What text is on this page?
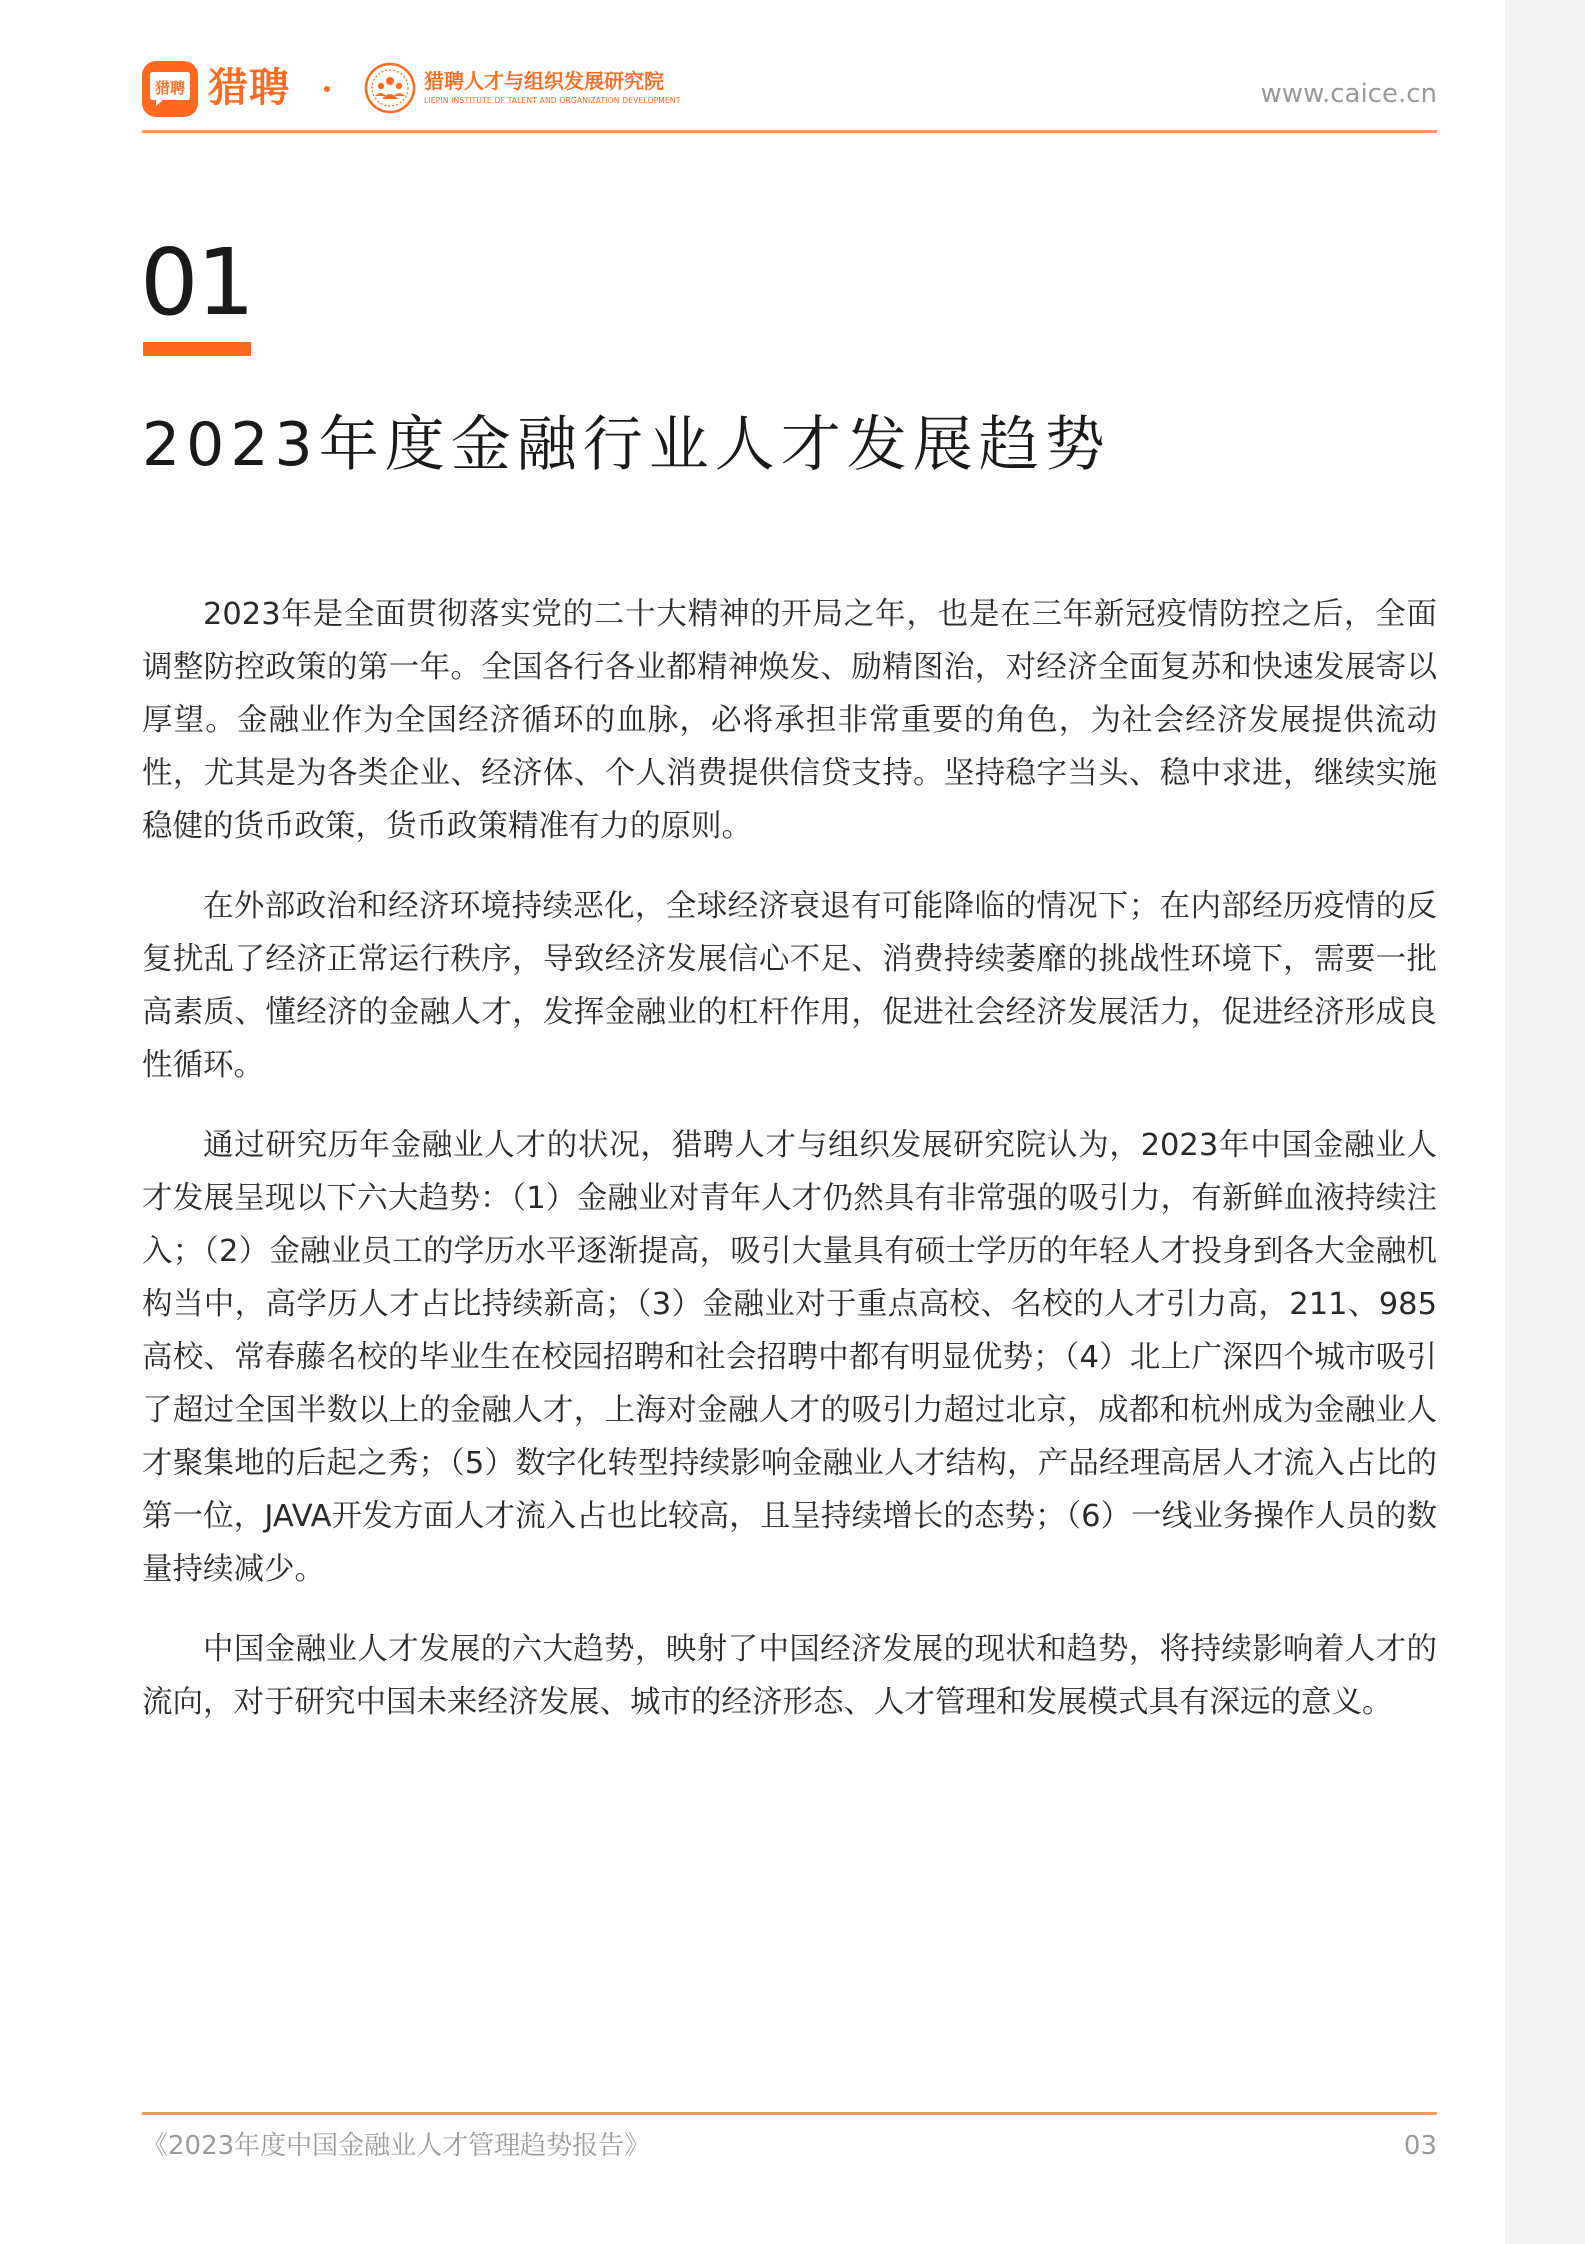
猎聘 猎聘	猎聘人才与组织发展研究院
LIEPIN INSTITUTE OF TALENT AND ORGANIZATION DEVELOPMENT	www.caice.cn
01
2023年度金融行业人才发展趋势

2023年是全面贯彻落实党的二十大精神的开局之年，也是在三年新冠疫情防控之后，全面调整防控政策的第一年。全国各行各业都精神焕发、励精图治，对经济全面复苏和快速发展寄以厚望。金融业作为全国经济循环的血脉，必将承担非常重要的角色，为社会经济发展提供流动性，尤其是为各类企业、经济体、个人消费提供信贷支持。坚持稳字当头、稳中求进，继续实施稳健的货币政策，货币政策精准有力的原则。

在外部政治和经济环境持续恶化，全球经济衰退有可能降临的情况下；在内部经历疫情的反复扰乱了经济正常运行秩序，导致经济发展信心不足、消费持续萎靡的挑战性环境下，需要一批高素质、懂经济的金融人才，发挥金融业的杠杆作用，促进社会经济发展活力，促进经济形成良性循环。

通过研究历年金融业人才的状况，猎聘人才与组织发展研究院认为，2023年中国金融业人才发展呈现以下六大趋势：（1）金融业对青年人才仍然具有非常强的吸引力，有新鲜血液持续注入；（2）金融业员工的学历水平逐渐提高，吸引大量具有硕士学历的年轻人才投身到各大金融机构当中，高学历人才占比持续新高；（3）金融业对于重点高校、名校的人才引力高，211、985高校、常春藤名校的毕业生在校园招聘和社会招聘中都有明显优势；（4）北上广深四个城市吸引了超过全国半数以上的金融人才，上海对金融人才的吸引力超过北京，成都和杭州成为金融业人才聚集地的后起之秀；（5）数字化转型持续影响金融业人才结构，产品经理高居人才流入占比的第一位，JAVA开发方面人才流入占也比较高，且呈持续增长的态势；（6）一线业务操作人员的数量持续减少。

中国金融业人才发展的六大趋势，映射了中国经济发展的现状和趋势，将持续影响着人才的流向，对于研究中国未来经济发展、城市的经济形态、人才管理和发展模式具有深远的意义。

《2023年度中国金融业人才管理趋势报告》	03
